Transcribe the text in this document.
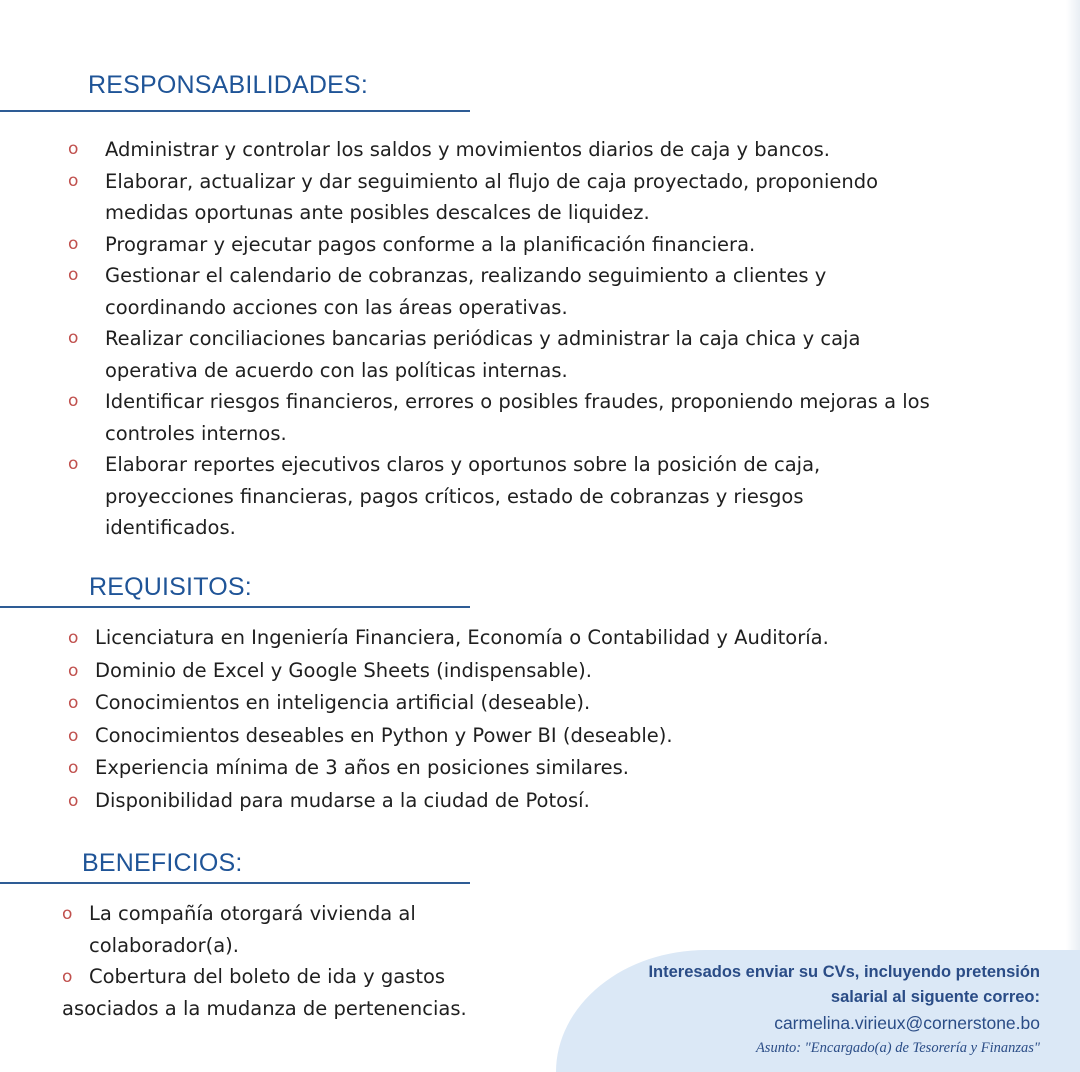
RESPONSABILIDADES:
o Administrar y controlar los saldos y movimientos diarios de caja y bancos.
o Elaborar, actualizar y dar seguimiento al flujo de caja proyectado, proponiendo medidas oportunas ante posibles descalces de liquidez.
o Programar y ejecutar pagos conforme a la planificación financiera.
o Gestionar el calendario de cobranzas, realizando seguimiento a clientes y coordinando acciones con las áreas operativas.
o Realizar conciliaciones bancarias periódicas y administrar la caja chica y caja operativa de acuerdo con las políticas internas.
o Identificar riesgos financieros, errores o posibles fraudes, proponiendo mejoras a los controles internos.
o Elaborar reportes ejecutivos claros y oportunos sobre la posición de caja, proyecciones financieras, pagos críticos, estado de cobranzas y riesgos identificados.
REQUISITOS:
o Licenciatura en Ingeniería Financiera, Economía o Contabilidad y Auditoría.
o Dominio de Excel y Google Sheets (indispensable).
o Conocimientos en inteligencia artificial (deseable).
o Conocimientos deseables en Python y Power BI (deseable).
o Experiencia mínima de 3 años en posiciones similares.
o Disponibilidad para mudarse a la ciudad de Potosí.
BENEFICIOS:

o La compañía otorgará vivienda al colaborador(a).

o Cobertura del boleto de ida y gastos asociados a la mudanza de pertenencias.

Interesados enviar su CVs, incluyendo pretensión

salarial al siguente correo:

carmelina.virieux@cornerstone.bo

Asunto: "Encargado(a) de Tesorería y Finanzas"
